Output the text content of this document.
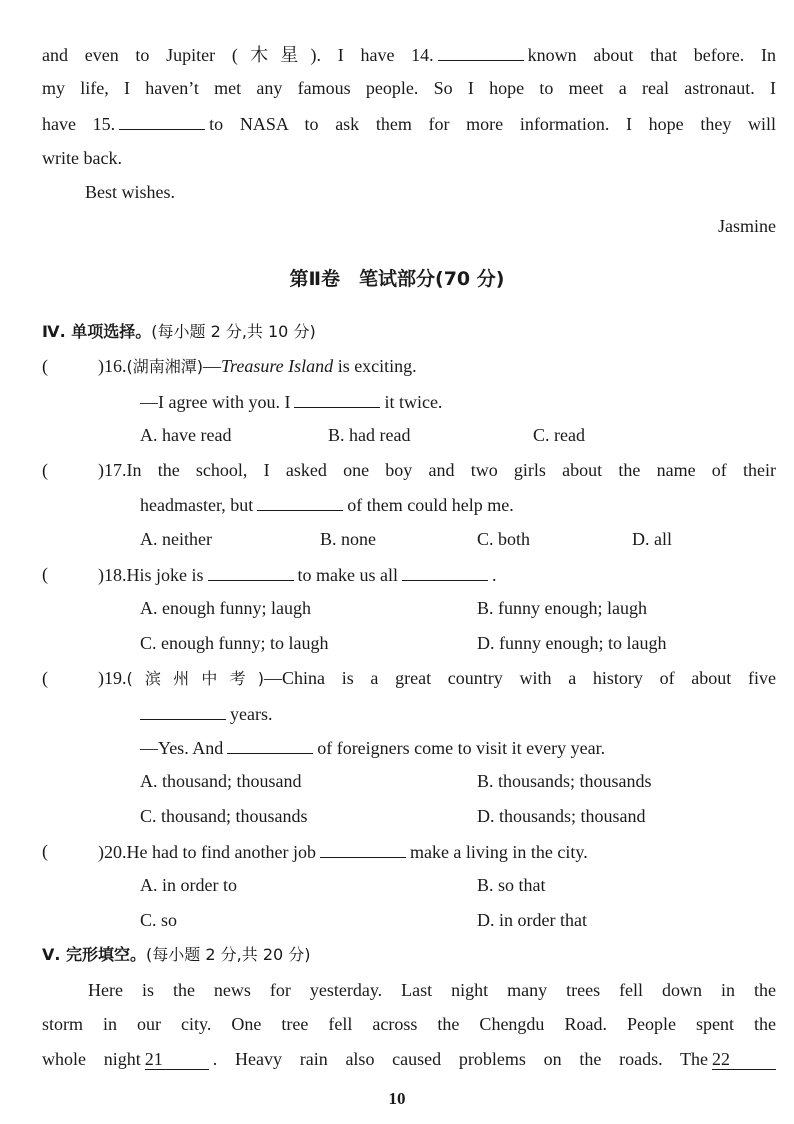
and even to Jupiter (木星). I have 14.	known about that before. In
my life, I haven’t met any famous people. So I hope to meet a real astronaut. I
have 15.	to NASA to ask them for more information. I hope they will
write back.
Best wishes.
Jasmine
第Ⅱ卷　笔试部分(70 分)
Ⅳ. 单项选择。(每小题 2 分,共 10 分)
(	)16.(湖南湘潭)—Treasure Island is exciting.
—I agree with you. I	it twice.
A. have read	B. had read	C. read
(	)17.In the school, I asked one boy and two girls about the name of their
headmaster, but	of them could help me.
A. neither	B. none	C. both	D. all
(	)18.His joke is	to make us all	.
A. enough funny; laugh	B. funny enough; laugh
C. enough funny; to laugh	D. funny enough; to laugh
(	)19.(滨州中考)—China is a great country with a history of about five
years.
—Yes. And	of foreigners come to visit it every year.
A. thousand; thousand	B. thousands; thousands
C. thousand; thousands	D. thousands; thousand
(	)20.He had to find another job	make a living in the city.
A. in order to	B. so that
C. so	D. in order that
Ⅴ. 完形填空。(每小题 2 分,共 20 分)
Here is the news for yesterday. Last night many trees fell down in the
storm in our city. One tree fell across the Chengdu Road. People spent the
whole night 21	. Heavy rain also caused problems on the roads. The 22
10
